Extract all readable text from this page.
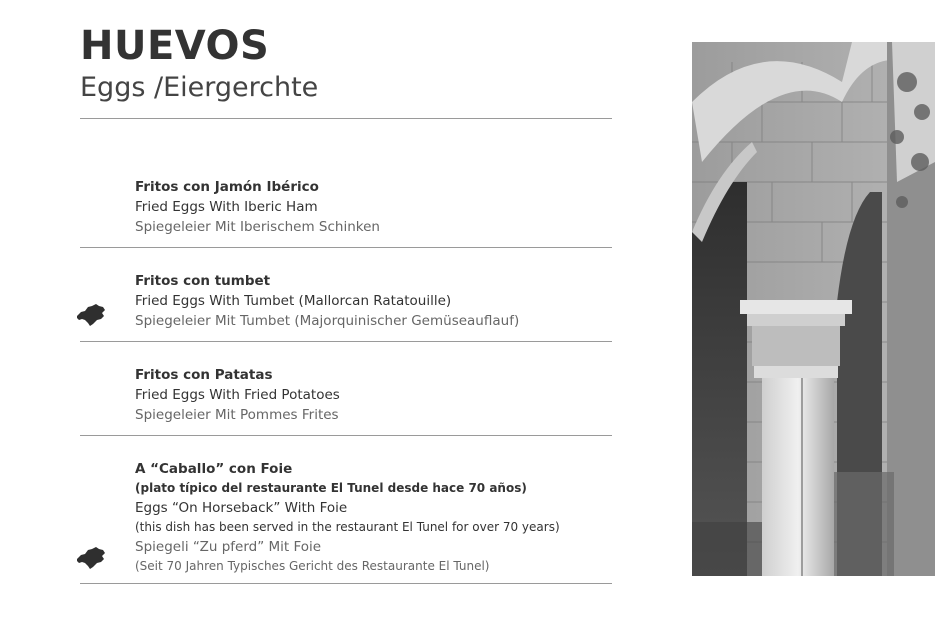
HUEVOS
Eggs /Eiergerchte
Fritos con Jamón Ibérico
Fried Eggs With Iberic Ham
Spiegeleier Mit Iberischem Schinken
Fritos con tumbet
Fried Eggs With Tumbet (Mallorcan Ratatouille)
Spiegeleier Mit Tumbet (Majorquinischer Gemüseauflauf)
Fritos con Patatas
Fried Eggs With Fried Potatoes
Spiegeleier Mit Pommes Frites
A “Caballo” con Foie
(plato típico del restaurante El Tunel desde hace 70 años)
Eggs “On Horseback” With Foie
(this dish has been served in the restaurant El Tunel for over 70 years)
Spiegeli “Zu pferd” Mit Foie
(Seit 70 Jahren Typisches Gericht des Restaurante El Tunel)
